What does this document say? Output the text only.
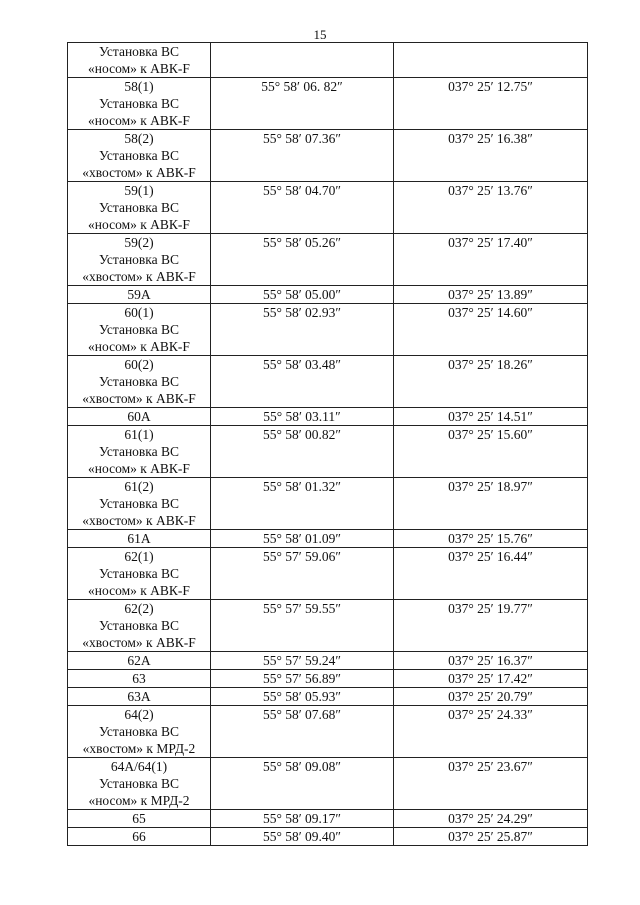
15
Установка ВС
«носом» к АВК-F		

58(1)
Установка ВС
«носом» к АВК-F	55° 58′ 06. 82″	037° 25′ 12.75″

58(2)
Установка ВС
«хвостом» к АВК-F	55° 58′ 07.36″	037° 25′ 16.38″

59(1)
Установка ВС
«носом» к АВК-F	55° 58′ 04.70″	037° 25′ 13.76″

59(2)
Установка ВС
«хвостом» к АВК-F	55° 58′ 05.26″	037° 25′ 17.40″

59А	55° 58′ 05.00″	037° 25′ 13.89″

60(1)
Установка ВС
«носом» к АВК-F	55° 58′ 02.93″	037° 25′ 14.60″

60(2)
Установка ВС
«хвостом» к АВК-F	55° 58′ 03.48″	037° 25′ 18.26″

60А	55° 58′ 03.11″	037° 25′ 14.51″

61(1)
Установка ВС
«носом» к АВК-F	55° 58′ 00.82″	037° 25′ 15.60″

61(2)
Установка ВС
«хвостом» к АВК-F	55° 58′ 01.32″	037° 25′ 18.97″

61А	55° 58′ 01.09″	037° 25′ 15.76″

62(1)
Установка ВС
«носом» к АВК-F	55° 57′ 59.06″	037° 25′ 16.44″

62(2)
Установка ВС
«хвостом» к АВК-F	55° 57′ 59.55″	037° 25′ 19.77″

62А	55° 57′ 59.24″	037° 25′ 16.37″

63	55° 57′ 56.89″	037° 25′ 17.42″

63А	55° 58′ 05.93″	037° 25′ 20.79″

64(2)
Установка ВС
«хвостом» к МРД-2	55° 58′ 07.68″	037° 25′ 24.33″

64А/64(1)
Установка ВС
«носом» к МРД-2	55° 58′ 09.08″	037° 25′ 23.67″

65	55° 58′ 09.17″	037° 25′ 24.29″

66	55° 58′ 09.40″	037° 25′ 25.87″
